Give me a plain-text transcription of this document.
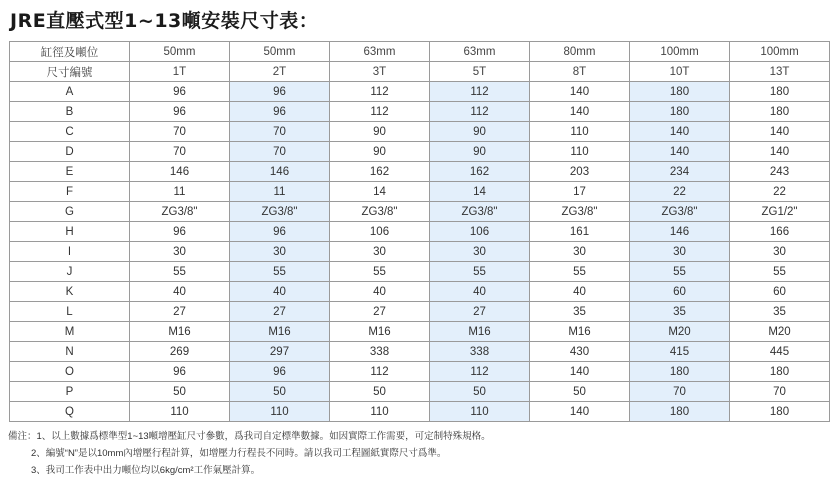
JRE直壓式型1~13噸安裝尺寸表：
缸徑及噸位	50mm	50mm	63mm	63mm	80mm	100mm	100mm
尺寸編號	1T	2T	3T	5T	8T	10T	13T
A	96	96	112	112	140	180	180
B	96	96	112	112	140	180	180
C	70	70	90	90	110	140	140
D	70	70	90	90	110	140	140
E	146	146	162	162	203	234	243
F	11	11	14	14	17	22	22
G	ZG3/8"	ZG3/8"	ZG3/8"	ZG3/8"	ZG3/8"	ZG3/8"	ZG1/2"
H	96	96	106	106	161	146	166
I	30	30	30	30	30	30	30
J	55	55	55	55	55	55	55
K	40	40	40	40	40	60	60
L	27	27	27	27	35	35	35
M	M16	M16	M16	M16	M16	M20	M20
N	269	297	338	338	430	415	445
O	96	96	112	112	140	180	180
P	50	50	50	50	50	70	70
Q	110	110	110	110	140	180	180
備注：1、以上數據爲標準型1~13噸增壓缸尺寸參數，爲我司自定標準數據。如因實際工作需要，可定制特殊規格。
2、編號“N”是以10mm內增壓行程計算，如增壓力行程長不同時。請以我司工程圖紙實際尺寸爲準。
3、我司工作表中出力噸位均以6kg/cm²工作氣壓計算。
